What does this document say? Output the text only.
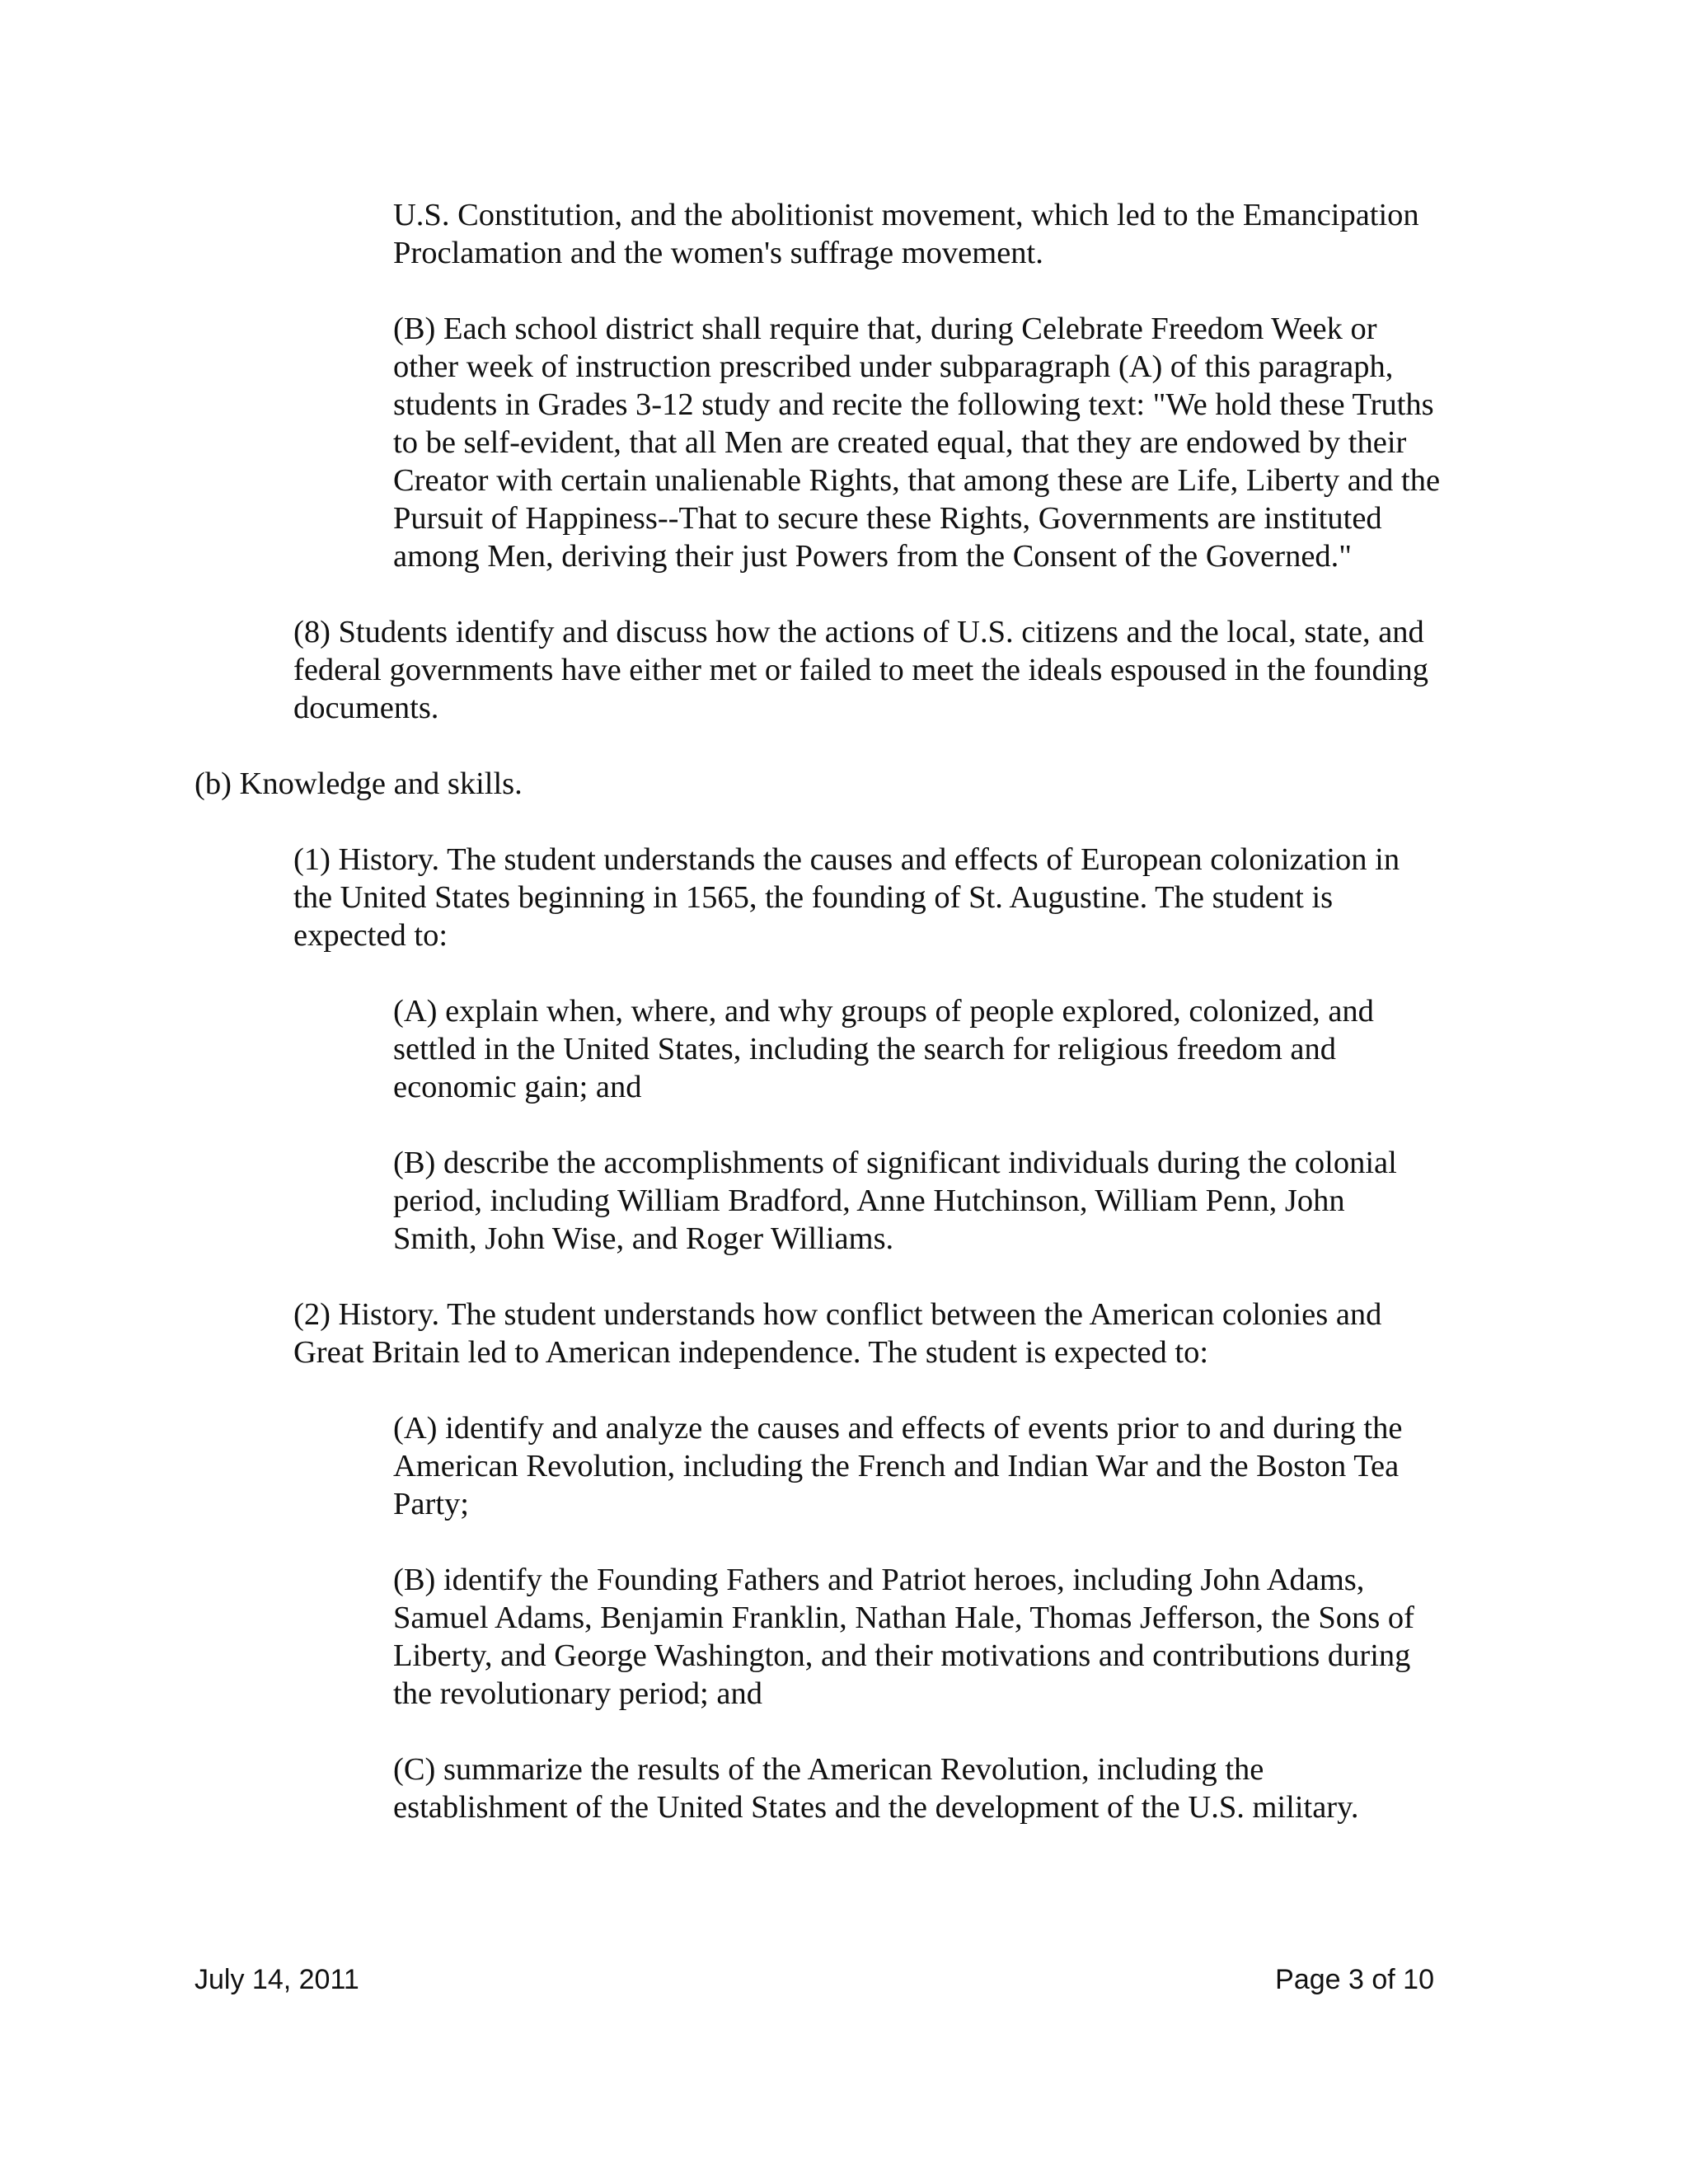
U.S. Constitution, and the abolitionist movement, which led to the Emancipation
Proclamation and the women's suffrage movement.

(B) Each school district shall require that, during Celebrate Freedom Week or
other week of instruction prescribed under subparagraph (A) of this paragraph,
students in Grades 3-12 study and recite the following text: "We hold these Truths
to be self-evident, that all Men are created equal, that they are endowed by their
Creator with certain unalienable Rights, that among these are Life, Liberty and the
Pursuit of Happiness--That to secure these Rights, Governments are instituted
among Men, deriving their just Powers from the Consent of the Governed."

(8) Students identify and discuss how the actions of U.S. citizens and the local, state, and
federal governments have either met or failed to meet the ideals espoused in the founding
documents.

(b) Knowledge and skills.

(1) History. The student understands the causes and effects of European colonization in
the United States beginning in 1565, the founding of St. Augustine. The student is
expected to:

(A) explain when, where, and why groups of people explored, colonized, and
settled in the United States, including the search for religious freedom and
economic gain; and

(B) describe the accomplishments of significant individuals during the colonial
period, including William Bradford, Anne Hutchinson, William Penn, John
Smith, John Wise, and Roger Williams.

(2) History. The student understands how conflict between the American colonies and
Great Britain led to American independence. The student is expected to:

(A) identify and analyze the causes and effects of events prior to and during the
American Revolution, including the French and Indian War and the Boston Tea
Party;

(B) identify the Founding Fathers and Patriot heroes, including John Adams,
Samuel Adams, Benjamin Franklin, Nathan Hale, Thomas Jefferson, the Sons of
Liberty, and George Washington, and their motivations and contributions during
the revolutionary period; and

(C) summarize the results of the American Revolution, including the
establishment of the United States and the development of the U.S. military.

July 14, 2011	Page 3 of 10
